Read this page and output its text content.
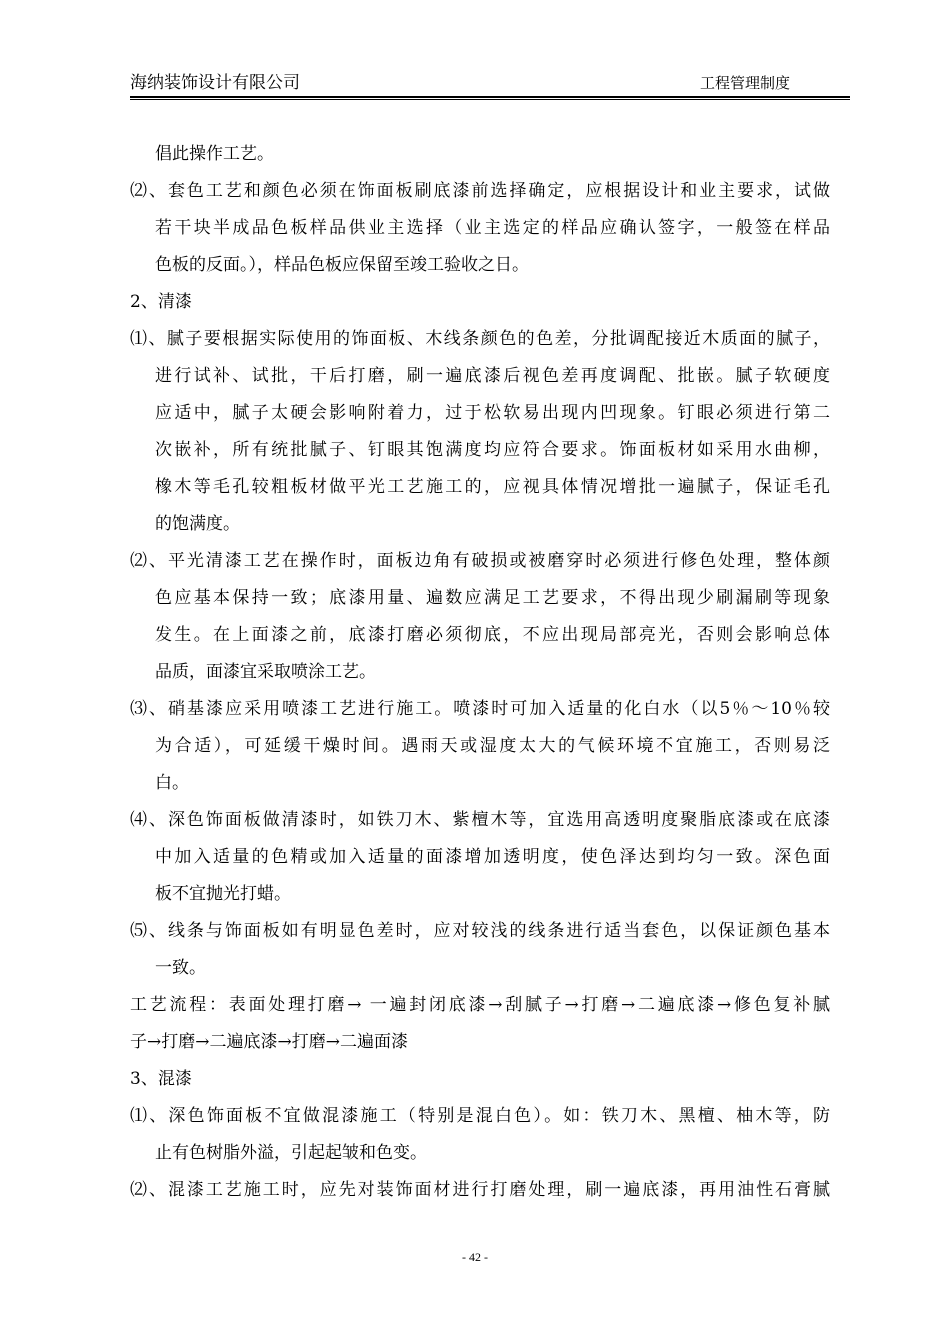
海纳装饰设计有限公司	工程管理制度
倡此操作工艺。
⑵、套色工艺和颜色必须在饰面板刷底漆前选择确定，应根据设计和业主要求，试做
若干块半成品色板样品供业主选择（业主选定的样品应确认签字，一般签在样品
色板的反面。），样品色板应保留至竣工验收之日。
2、清漆
⑴、腻子要根据实际使用的饰面板、木线条颜色的色差，分批调配接近木质面的腻子，
进行试补、试批，干后打磨，刷一遍底漆后视色差再度调配、批嵌。腻子软硬度
应适中，腻子太硬会影响附着力，过于松软易出现内凹现象。钉眼必须进行第二
次嵌补，所有统批腻子、钉眼其饱满度均应符合要求。饰面板材如采用水曲柳，
橡木等毛孔较粗板材做平光工艺施工的，应视具体情况增批一遍腻子，保证毛孔
的饱满度。
⑵、平光清漆工艺在操作时，面板边角有破损或被磨穿时必须进行修色处理，整体颜
色应基本保持一致；底漆用量、遍数应满足工艺要求，不得出现少刷漏刷等现象
发生。在上面漆之前，底漆打磨必须彻底，不应出现局部亮光，否则会影响总体
品质，面漆宜采取喷涂工艺。
⑶、硝基漆应采用喷漆工艺进行施工。喷漆时可加入适量的化白水（以5％～10％较
为合适），可延缓干燥时间。遇雨天或湿度太大的气候环境不宜施工，否则易泛
白。
⑷、深色饰面板做清漆时，如铁刀木、紫檀木等，宜选用高透明度聚脂底漆或在底漆
中加入适量的色精或加入适量的面漆增加透明度，使色泽达到均匀一致。深色面
板不宜抛光打蜡。
⑸、线条与饰面板如有明显色差时，应对较浅的线条进行适当套色，以保证颜色基本
一致。
工艺流程：表面处理打磨→ 一遍封闭底漆→刮腻子→打磨→二遍底漆→修色复补腻
子→打磨→二遍底漆→打磨→二遍面漆
3、混漆
⑴、深色饰面板不宜做混漆施工（特别是混白色）。如：铁刀木、黑檀、柚木等，防
止有色树脂外溢，引起起皱和色变。
⑵、混漆工艺施工时，应先对装饰面材进行打磨处理，刷一遍底漆，再用油性石膏腻
- 42 -
